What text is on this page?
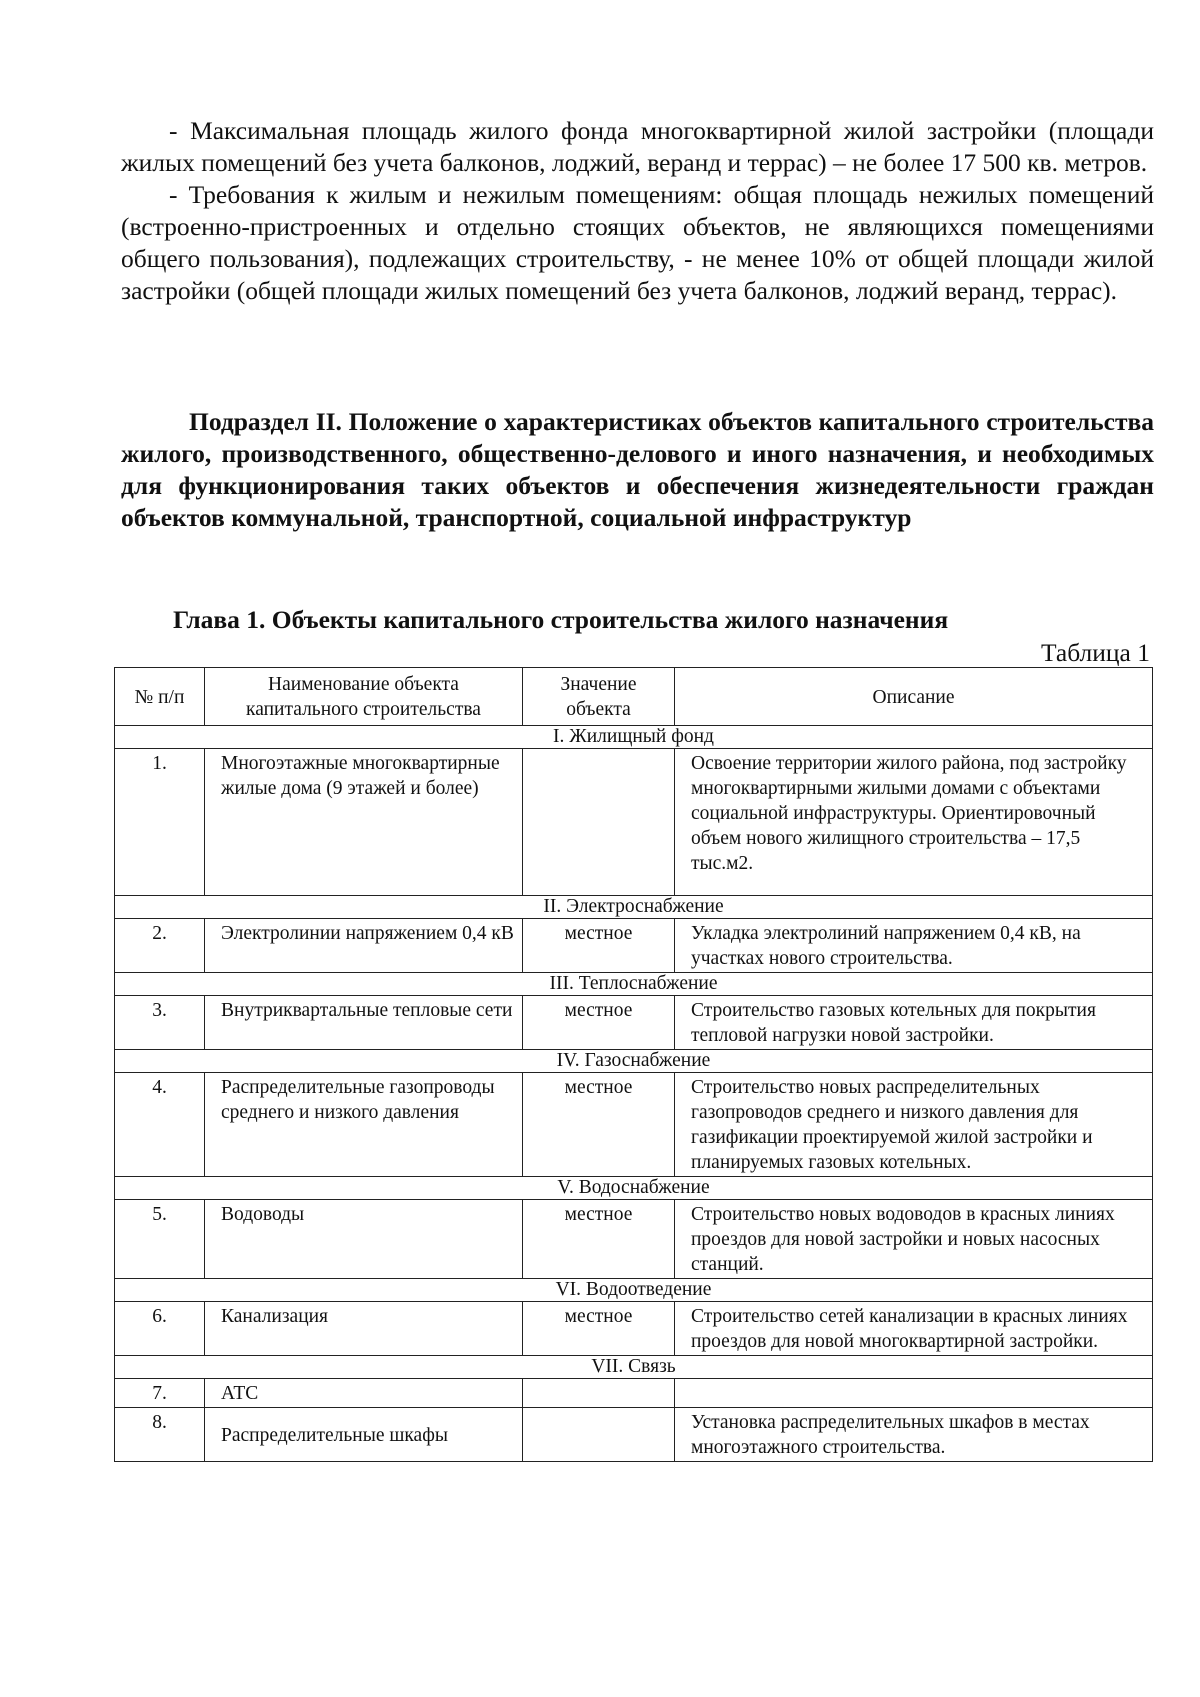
- Максимальная площадь жилого фонда многоквартирной жилой застройки (площади жилых помещений без учета балконов, лоджий, веранд и террас) – не более 17 500 кв. метров.

- Требования к жилым и нежилым помещениям: общая площадь нежилых помещений (встроенно-пристроенных и отдельно стоящих объектов, не являющихся помещениями общего пользования), подлежащих строительству, - не менее 10% от общей площади жилой застройки (общей площади жилых помещений без учета балконов, лоджий веранд, террас).

Подраздел II. Положение о характеристиках объектов капитального строительства жилого, производственного, общественно-делового и иного назначения, и необходимых для функционирования таких объектов и обеспечения жизнедеятельности граждан объектов коммунальной, транспортной, социальной инфраструктур

Глава 1. Объекты капитального строительства жилого назначения

Таблица 1
№ п/п	Наименование объекта капитального строительства	Значение объекта	Описание
I. Жилищный фонд			
1.	Многоэтажные многоквартирные жилые дома (9 этажей и более)		Освоение территории жилого района, под застройку многоквартирными жилыми домами с объектами социальной инфраструктуры. Ориентировочный объем нового жилищного строительства – 17,5 тыс.м2.
II. Электроснабжение			
2.	Электролинии напряжением 0,4 кВ	местное	Укладка электролиний напряжением 0,4 кВ, на участках нового строительства.
III. Теплоснабжение			
3.	Внутриквартальные тепловые сети	местное	Строительство газовых котельных для покрытия тепловой нагрузки новой застройки.
IV. Газоснабжение			
4.	Распределительные газопроводы среднего и низкого давления	местное	Строительство новых распределительных газопроводов среднего и низкого давления для газификации проектируемой жилой застройки и планируемых газовых котельных.
V. Водоснабжение			
5.	Водоводы	местное	Строительство новых водоводов в красных линиях проездов для новой застройки и новых насосных станций.
VI. Водоотведение			
6.	Канализация	местное	Строительство сетей канализации в красных линиях проездов для новой многоквартирной застройки.
VII. Связь			
7.	АТС		
8.	Распределительные шкафы		Установка распределительных шкафов в местах многоэтажного строительства.
